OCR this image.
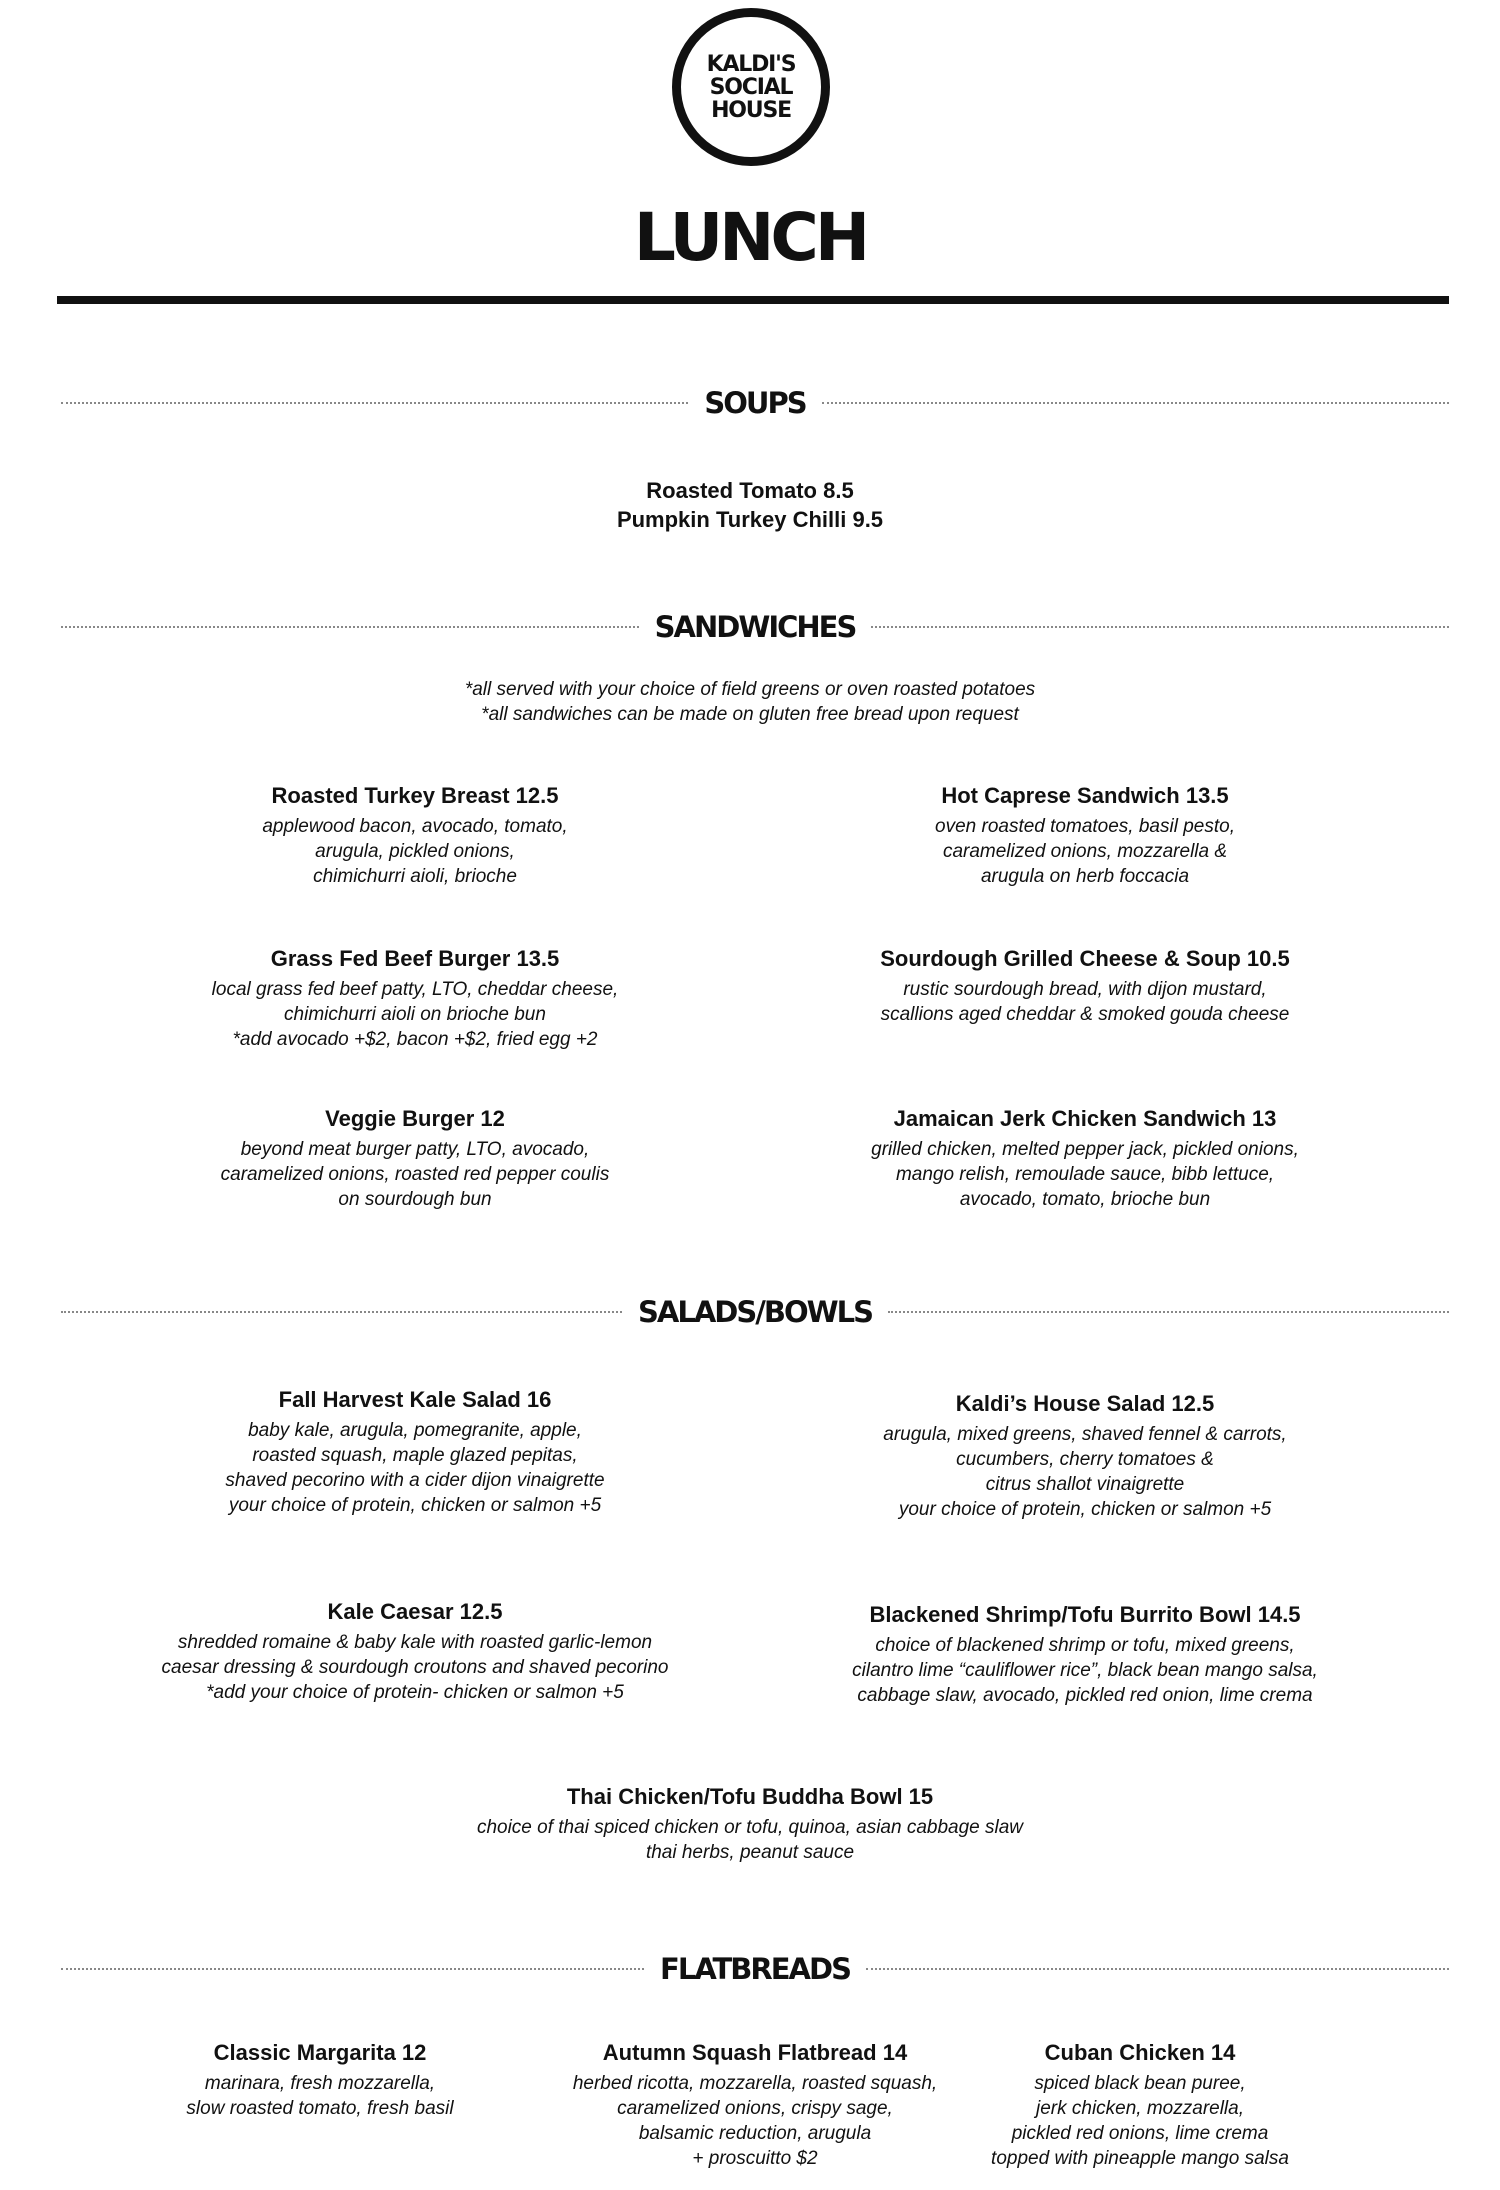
KALDI'S
SOCIAL
HOUSE
LUNCH
SOUPS
Roasted Tomato 8.5
Pumpkin Turkey Chilli 9.5
SANDWICHES
*all served with your choice of field greens or oven roasted potatoes
*all sandwiches can be made on gluten free bread upon request
Roasted Turkey Breast 12.5
applewood bacon, avocado, tomato,
arugula, pickled onions,
chimichurri aioli, brioche
Hot Caprese Sandwich 13.5
oven roasted tomatoes, basil pesto,
caramelized onions, mozzarella &
arugula on herb foccacia
Grass Fed Beef Burger 13.5
local grass fed beef patty, LTO, cheddar cheese,
chimichurri aioli on brioche bun
*add avocado +$2, bacon +$2, fried egg +2
Sourdough Grilled Cheese & Soup 10.5
rustic sourdough bread, with dijon mustard,
scallions aged cheddar & smoked gouda cheese
Veggie Burger 12
beyond meat burger patty, LTO, avocado,
caramelized onions, roasted red pepper coulis
on sourdough bun
Jamaican Jerk Chicken Sandwich 13
grilled chicken, melted pepper jack, pickled onions,
mango relish, remoulade sauce, bibb lettuce,
avocado, tomato, brioche bun
SALADS/BOWLS
Fall Harvest Kale Salad 16
baby kale, arugula, pomegranite, apple,
roasted squash, maple glazed pepitas,
shaved pecorino with a cider dijon vinaigrette
your choice of protein, chicken or salmon +5
Kaldi’s House Salad 12.5
arugula, mixed greens, shaved fennel & carrots,
cucumbers, cherry tomatoes &
citrus shallot vinaigrette
your choice of protein, chicken or salmon +5
Kale Caesar 12.5
shredded romaine & baby kale with roasted garlic-lemon
caesar dressing & sourdough croutons and shaved pecorino
*add your choice of protein- chicken or salmon +5
Blackened Shrimp/Tofu Burrito Bowl 14.5
choice of blackened shrimp or tofu, mixed greens,
cilantro lime “cauliflower rice”, black bean mango salsa,
cabbage slaw, avocado, pickled red onion, lime crema
Thai Chicken/Tofu Buddha Bowl 15
choice of thai spiced chicken or tofu, quinoa, asian cabbage slaw
thai herbs, peanut sauce
FLATBREADS
Classic Margarita 12
marinara, fresh mozzarella,
slow roasted tomato, fresh basil
Autumn Squash Flatbread 14
herbed ricotta, mozzarella, roasted squash,
caramelized onions, crispy sage,
balsamic reduction, arugula
+ proscuitto $2
Cuban Chicken 14
spiced black bean puree,
jerk chicken, mozzarella,
pickled red onions, lime crema
topped with pineapple mango salsa
